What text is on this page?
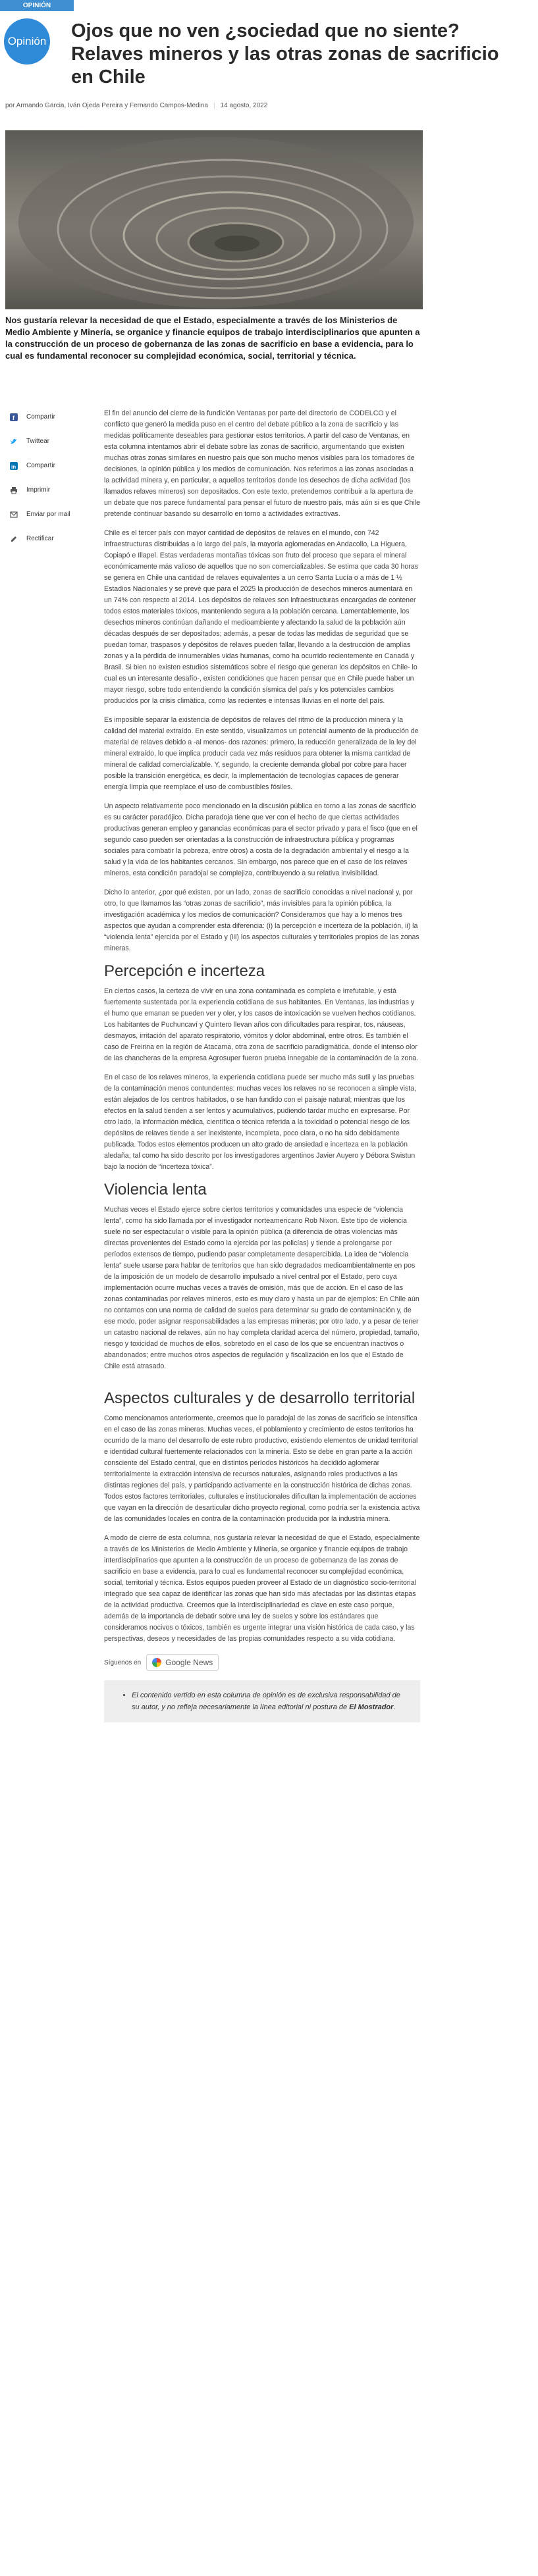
OPINIÓN
Opinión Ojos que no ven ¿sociedad que no siente? Relaves mineros y las otras zonas de sacrificio en Chile
por Armando Garcia, Iván Ojeda Pereira y Fernando Campos-Medina | 14 agosto, 2022

Nos gustaría relevar la necesidad de que el Estado, especialmente a través de los Ministerios de Medio Ambiente y Minería, se organice y financie equipos de trabajo interdisciplinarios que apunten a la construcción de un proceso de gobernanza de las zonas de sacrificio en base a evidencia, para lo cual es fundamental reconocer su complejidad económica, social, territorial y técnica.

f Compartir
Twittear
in Compartir
Imprimir
Enviar por mail
Rectificar

El fin del anuncio del cierre de la fundición Ventanas por parte del directorio de CODELCO y el conflicto que generó la medida puso en el centro del debate público a la zona de sacrificio y las medidas políticamente deseables para gestionar estos territorios. A partir del caso de Ventanas, en esta columna intentamos abrir el debate sobre las zonas de sacrificio, argumentando que existen muchas otras zonas similares en nuestro país que son mucho menos visibles para los tomadores de decisiones, la opinión pública y los medios de comunicación. Nos referimos a las zonas asociadas a la actividad minera y, en particular, a aquellos territorios donde los desechos de dicha actividad (los llamados relaves mineros) son depositados. Con este texto, pretendemos contribuir a la apertura de un debate que nos parece fundamental para pensar el futuro de nuestro país, más aún si es que Chile pretende continuar basando su desarrollo en torno a actividades extractivas.

Chile es el tercer país con mayor cantidad de depósitos de relaves en el mundo, con 742 infraestructuras distribuidas a lo largo del país, la mayoría aglomeradas en Andacollo, La Higuera, Copiapó e Illapel. Estas verdaderas montañas tóxicas son fruto del proceso que separa el mineral económicamente más valioso de aquellos que no son comercializables. Se estima que cada 30 horas se genera en Chile una cantidad de relaves equivalentes a un cerro Santa Lucía o a más de 1 ½ Estadios Nacionales y se prevé que para el 2025 la producción de desechos mineros aumentará en un 74% con respecto al 2014. Los depósitos de relaves son infraestructuras encargadas de contener todos estos materiales tóxicos, manteniendo segura a la población cercana. Lamentablemente, los desechos mineros continúan dañando el medioambiente y afectando la salud de la población aún décadas después de ser depositados; además, a pesar de todas las medidas de seguridad que se puedan tomar, traspasos y depósitos de relaves pueden fallar, llevando a la destrucción de amplias zonas y a la pérdida de innumerables vidas humanas, como ha ocurrido recientemente en Canadá y Brasil. Si bien no existen estudios sistemáticos sobre el riesgo que generan los depósitos en Chile- lo cual es un interesante desafío-, existen condiciones que hacen pensar que en Chile puede haber un mayor riesgo, sobre todo entendiendo la condición sísmica del país y los potenciales cambios producidos por la crisis climática, como las recientes e intensas lluvias en el norte del país.

Es imposible separar la existencia de depósitos de relaves del ritmo de la producción minera y la calidad del material extraído. En este sentido, visualizamos un potencial aumento de la producción de material de relaves debido a -al menos- dos razones: primero, la reducción generalizada de la ley del mineral extraído, lo que implica producir cada vez más residuos para obtener la misma cantidad de mineral de calidad comercializable. Y, segundo, la creciente demanda global por cobre para hacer posible la transición energética, es decir, la implementación de tecnologías capaces de generar energía limpia que reemplace el uso de combustibles fósiles.

Un aspecto relativamente poco mencionado en la discusión pública en torno a las zonas de sacrificio es su carácter paradójico. Dicha paradoja tiene que ver con el hecho de que ciertas actividades productivas generan empleo y ganancias económicas para el sector privado y para el fisco (que en el segundo caso pueden ser orientadas a la construcción de infraestructura pública y programas sociales para combatir la pobreza, entre otros) a costa de la degradación ambiental y el riesgo a la salud y la vida de los habitantes cercanos. Sin embargo, nos parece que en el caso de los relaves mineros, esta condición paradojal se complejiza, contribuyendo a su relativa invisibilidad.

Dicho lo anterior, ¿por qué existen, por un lado, zonas de sacrificio conocidas a nivel nacional y, por otro, lo que llamamos las “otras zonas de sacrificio”, más invisibles para la opinión pública, la investigación académica y los medios de comunicación? Consideramos que hay a lo menos tres aspectos que ayudan a comprender esta diferencia: (i) la percepción e incerteza de la población, ii) la “violencia lenta” ejercida por el Estado y (iii) los aspectos culturales y territoriales propios de las zonas mineras.

Percepción e incerteza

En ciertos casos, la certeza de vivir en una zona contaminada es completa e irrefutable, y está fuertemente sustentada por la experiencia cotidiana de sus habitantes. En Ventanas, las industrias y el humo que emanan se pueden ver y oler, y los casos de intoxicación se vuelven hechos cotidianos. Los habitantes de Puchuncaví y Quintero llevan años con dificultades para respirar, tos, náuseas, desmayos, irritación del aparato respiratorio, vómitos y dolor abdominal, entre otros. Es también el caso de Freirina en la región de Atacama, otra zona de sacrificio paradigmática, donde el intenso olor de las chancheras de la empresa Agrosuper fueron prueba innegable de la contaminación de la zona.

En el caso de los relaves mineros, la experiencia cotidiana puede ser mucho más sutil y las pruebas de la contaminación menos contundentes: muchas veces los relaves no se reconocen a simple vista, están alejados de los centros habitados, o se han fundido con el paisaje natural; mientras que los efectos en la salud tienden a ser lentos y acumulativos, pudiendo tardar mucho en expresarse. Por otro lado, la información médica, científica o técnica referida a la toxicidad o potencial riesgo de los depósitos de relaves tiende a ser inexistente, incompleta, poco clara, o no ha sido debidamente publicada. Todos estos elementos producen un alto grado de ansiedad e incerteza en la población aledaña, tal como ha sido descrito por los investigadores argentinos Javier Auyero y Débora Swistun bajo la noción de “incerteza tóxica”.

Violencia lenta

Muchas veces el Estado ejerce sobre ciertos territorios y comunidades una especie de “violencia lenta”, como ha sido llamada por el investigador norteamericano Rob Nixon. Este tipo de violencia suele no ser espectacular o visible para la opinión pública (a diferencia de otras violencias más directas provenientes del Estado como la ejercida por las policías) y tiende a prolongarse por períodos extensos de tiempo, pudiendo pasar completamente desapercibida. La idea de “violencia lenta” suele usarse para hablar de territorios que han sido degradados medioambientalmente en pos de la imposición de un modelo de desarrollo impulsado a nivel central por el Estado, pero cuya implementación ocurre muchas veces a través de omisión, más que de acción. En el caso de las zonas contaminadas por relaves mineros, esto es muy claro y hasta un par de ejemplos: En Chile aún no contamos con una norma de calidad de suelos para determinar su grado de contaminación y, de ese modo, poder asignar responsabilidades a las empresas mineras; por otro lado, y a pesar de tener un catastro nacional de relaves, aún no hay completa claridad acerca del número, propiedad, tamaño, riesgo y toxicidad de muchos de ellos, sobretodo en el caso de los que se encuentran inactivos o abandonados; entre muchos otros aspectos de regulación y fiscalización en los que el Estado de Chile está atrasado.

Aspectos culturales y de desarrollo territorial

Como mencionamos anteriormente, creemos que lo paradojal de las zonas de sacrificio se intensifica en el caso de las zonas mineras. Muchas veces, el poblamiento y crecimiento de estos territorios ha ocurrido de la mano del desarrollo de este rubro productivo, existiendo elementos de unidad territorial e identidad cultural fuertemente relacionados con la minería. Esto se debe en gran parte a la acción consciente del Estado central, que en distintos períodos históricos ha decidido aglomerar territorialmente la extracción intensiva de recursos naturales, asignando roles productivos a las distintas regiones del país, y participando activamente en la construcción histórica de dichas zonas. Todos estos factores territoriales, culturales e institucionales dificultan la implementación de acciones que vayan en la dirección de desarticular dicho proyecto regional, como podría ser la existencia activa de las comunidades locales en contra de la contaminación producida por la industria minera.

A modo de cierre de esta columna, nos gustaría relevar la necesidad de que el Estado, especialmente a través de los Ministerios de Medio Ambiente y Minería, se organice y financie equipos de trabajo interdisciplinarios que apunten a la construcción de un proceso de gobernanza de las zonas de sacrificio en base a evidencia, para lo cual es fundamental reconocer su complejidad económica, social, territorial y técnica. Estos equipos pueden proveer al Estado de un diagnóstico socio-territorial integrado que sea capaz de identificar las zonas que han sido más afectadas por las distintas etapas de la actividad productiva. Creemos que la interdisciplinariedad es clave en este caso porque, además de la importancia de debatir sobre una ley de suelos y sobre los estándares que consideramos nocivos o tóxicos, también es urgente integrar una visión histórica de cada caso, y las perspectivas, deseos y necesidades de las propias comunidades respecto a su vida cotidiana.

Síguenos en	Google News
• El contenido vertido en esta columna de opinión es de exclusiva responsabilidad de su autor, y no refleja necesariamente la línea editorial ni postura de El Mostrador.
